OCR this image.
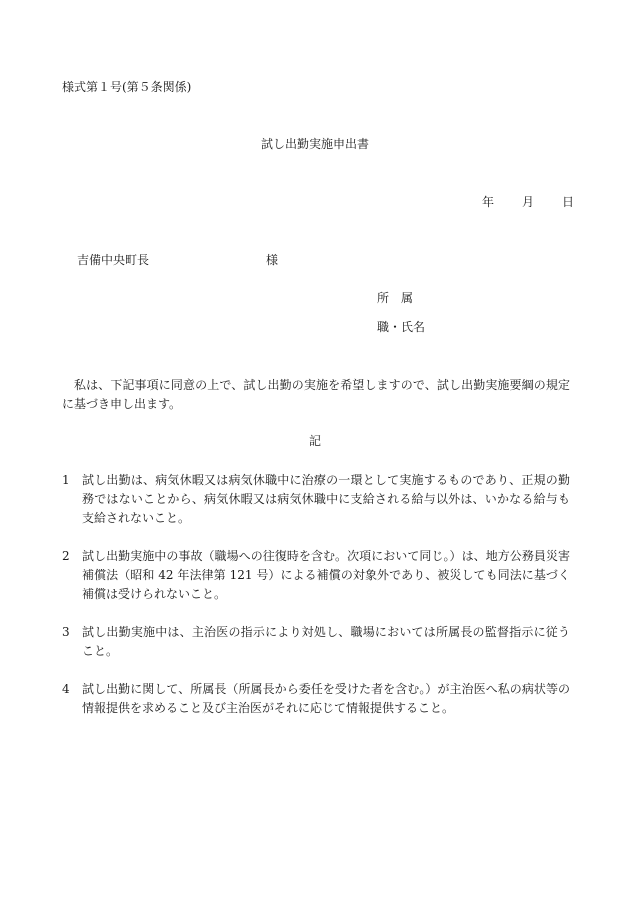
様式第１号(第５条関係)
試し出勤実施申出書
年 月 日
吉備中央町長	様
所　属
職・氏名
私は、下記事項に同意の上で、試し出勤の実施を希望しますので、試し出勤実施要綱の規定に基づき申し出ます。
記
1	試し出勤は、病気休暇又は病気休職中に治療の一環として実施するものであり、正規の勤務ではないことから、病気休暇又は病気休職中に支給される給与以外は、いかなる給与も支給されないこと。
2	試し出勤実施中の事故（職場への往復時を含む。次項において同じ。）は、地方公務員災害補償法（昭和 42 年法律第 121 号）による補償の対象外であり、被災しても同法に基づく補償は受けられないこと。
3	試し出勤実施中は、主治医の指示により対処し、職場においては所属長の監督指示に従うこと。
4	試し出勤に関して、所属長（所属長から委任を受けた者を含む。）が主治医へ私の病状等の情報提供を求めること及び主治医がそれに応じて情報提供すること。
